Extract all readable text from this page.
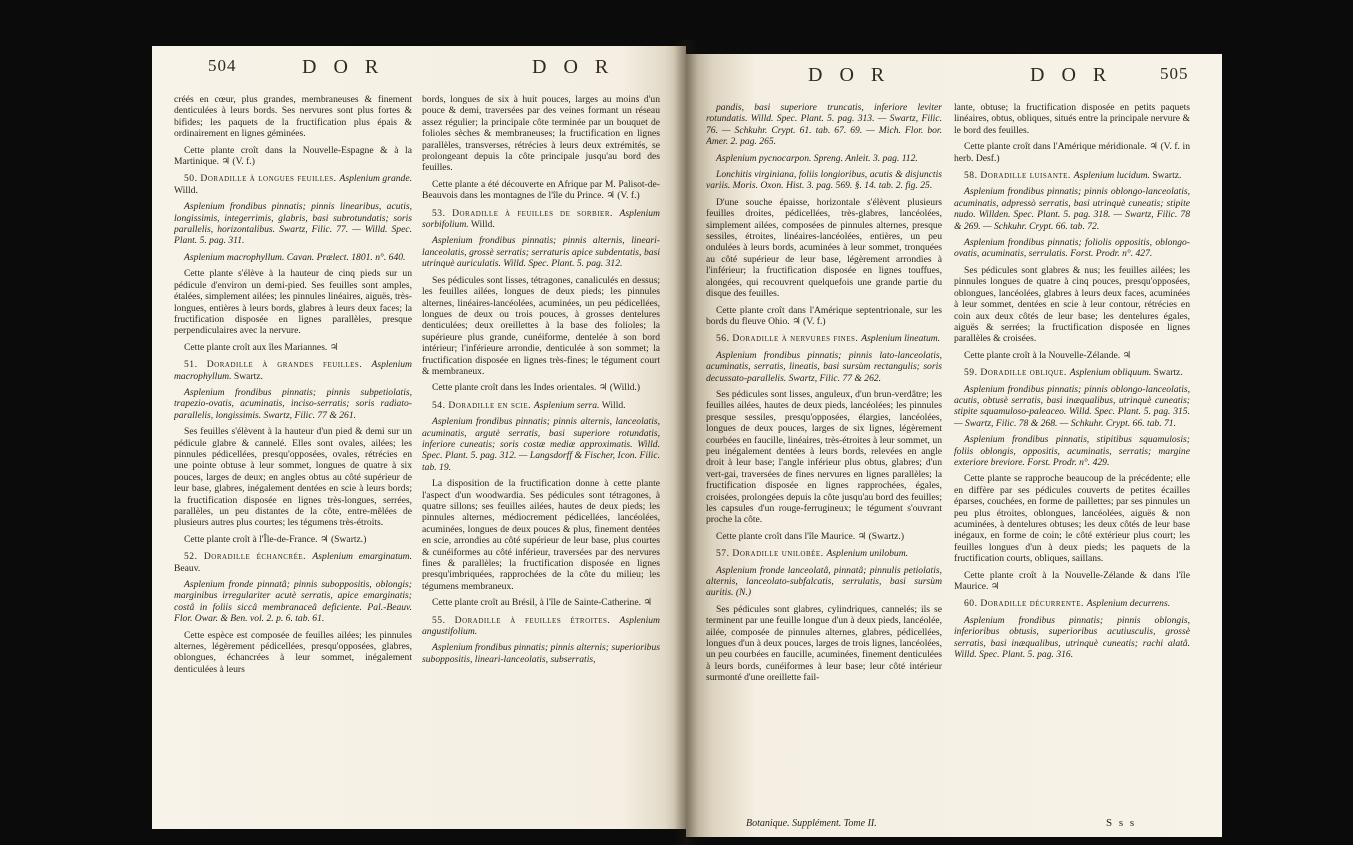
504	D O R	D O R

créés en cœur, plus grandes, membraneuses & finement denticulées à leurs bords. Ses nervures sont plus fortes & bifides; les paquets de la fructification plus épais & ordinairement en lignes géminées.

Cette plante croît dans la Nouvelle-Espagne & à la Martinique. ♃ (V. f.)

50. Doradille à longues feuilles. Asplenium grande. Willd.

Asplenium frondibus pinnatis; pinnis linearibus, acutis, longissimis, integerrimis, glabris, basi subrotundatis; soris parallelis, horizontalibus. Swartz, Filic. 77. — Willd. Spec. Plant. 5. pag. 311.

Asplenium macrophyllum. Cavan. Prælect. 1801. n°. 640.

Cette plante s'élève à la hauteur de cinq pieds sur un pédicule d'environ un demi-pied. Ses feuilles sont amples, étalées, simplement ailées; les pinnules linéaires, aiguës, très-longues, entières à leurs bords, glabres à leurs deux faces; la fructification disposée en lignes parallèles, presque perpendiculaires avec la nervure.

Cette plante croît aux îles Mariannes. ♃

51. Doradille à grandes feuilles. Asplenium macrophyllum. Swartz.

Asplenium frondibus pinnatis; pinnis subpetiolatis, trapezio-ovatis, acuminatis, inciso-serratis; soris radiato-parallelis, longissimis. Swartz, Filic. 77 & 261.

Ses feuilles s'élèvent à la hauteur d'un pied & demi sur un pédicule glabre & cannelé. Elles sont ovales, ailées; les pinnules pédicellées, presqu'opposées, ovales, rétrécies en une pointe obtuse à leur sommet, longues de quatre à six pouces, larges de deux; en angles obtus au côté supérieur de leur base, glabres, inégalement dentées en scie à leurs bords; la fructification disposée en lignes très-longues, serrées, parallèles, un peu distantes de la côte, entre-mêlées de plusieurs autres plus courtes; les tégumens très-étroits.

Cette plante croît à l'Île-de-France. ♃ (Swartz.)

52. Doradille échancrée. Asplenium emarginatum. Beauv.

Asplenium fronde pinnatâ; pinnis suboppositis, oblongis; marginibus irregulariter acutè serratis, apice emarginatis; costâ in foliis siccâ membranaceâ deficiente. Pal.-Beauv. Flor. Owar. & Ben. vol. 2. p. 6. tab. 61.

Cette espèce est composée de feuilles ailées; les pinnules alternes, légèrement pédicellées, presqu'opposées, glabres, oblongues, échancrées à leur sommet, inégalement denticulées à leurs

bords, longues de six à huit pouces, larges au moins d'un pouce & demi, traversées par des veines formant un réseau assez régulier; la principale côte terminée par un bouquet de folioles sèches & membraneuses; la fructification en lignes parallèles, transverses, rétrécies à leurs deux extrémités, se prolongeant depuis la côte principale jusqu'au bord des feuilles.

Cette plante a été découverte en Afrique par M. Palisot-de-Beauvois dans les montagnes de l'île du Prince. ♃ (V. f.)

53. Doradille à feuilles de sorbier. Asplenium sorbifolium. Willd.

Asplenium frondibus pinnatis; pinnis alternis, lineari-lanceolatis, grossè serratis; serraturis apice subdentatis, basi utrinquè auriculatis. Willd. Spec. Plant. 5. pag. 312.

Ses pédicules sont lisses, tétragones, canaliculés en dessus; les feuilles ailées, longues de deux pieds; les pinnules alternes, linéaires-lancéolées, acuminées, un peu pédicellées, longues de deux ou trois pouces, à grosses dentelures denticulées; deux oreillettes à la base des folioles; la supérieure plus grande, cunéiforme, dentelée à son bord intérieur; l'inférieure arrondie, denticulée à son sommet; la fructification disposée en lignes très-fines; le tégument court & membraneux.

Cette plante croît dans les Indes orientales. ♃ (Willd.)

54. Doradille en scie. Asplenium serra. Willd.

Asplenium frondibus pinnatis; pinnis alternis, lanceolatis, acuminatis, argutè serratis, basi superiore rotundatis, inferiore cuneatis; soris costæ mediæ approximatis. Willd. Spec. Plant. 5. pag. 312. — Langsdorff & Fischer, Icon. Filic. tab. 19.

La disposition de la fructification donne à cette plante l'aspect d'un woodwardia. Ses pédicules sont tétragones, à quatre sillons; ses feuilles ailées, hautes de deux pieds; les pinnules alternes, médiocrement pédicellées, lancéolées, acuminées, longues de deux pouces & plus, finement dentées en scie, arrondies au côté supérieur de leur base, plus courtes & cunéiformes au côté inférieur, traversées par des nervures fines & parallèles; la fructification disposée en lignes presqu'imbriquées, rapprochées de la côte du milieu; les tégumens membraneux.

Cette plante croît au Brésil, à l'île de Sainte-Catherine. ♃

55. Doradille à feuilles étroites. Asplenium angustifolium.

Asplenium frondibus pinnatis; pinnis alternis; superioribus suboppositis, lineari-lanceolatis, subserratis,

D O R	D O R	505

pandis, basi superiore truncatis, inferiore leviter rotundatis. Willd. Spec. Plant. 5. pag. 313. — Swartz, Filic. 76. — Schkuhr. Crypt. 61. tab. 67. 69. — Mich. Flor. bor. Amer. 2. pag. 265.

Asplenium pycnocarpon. Spreng. Anleit. 3. pag. 112.

Lonchitis virginiana, foliis longioribus, acutis & disjunctis variis. Moris. Oxon. Hist. 3. pag. 569. §. 14. tab. 2. fig. 25.

D'une souche épaisse, horizontale s'élèvent plusieurs feuilles droites, pédicellées, très-glabres, lancéolées, simplement ailées, composées de pinnules alternes, presque sessiles, étroites, linéaires-lancéolées, entières, un peu ondulées à leurs bords, acuminées à leur sommet, tronquées au côté supérieur de leur base, légèrement arrondies à l'inférieur; la fructification disposée en lignes touffues, alongées, qui recouvrent quelquefois une grande partie du disque des feuilles.

Cette plante croît dans l'Amérique septentrionale, sur les bords du fleuve Ohio. ♃ (V. f.)

56. Doradille à nervures fines. Asplenium lineatum.

Asplenium frondibus pinnatis; pinnis lato-lanceolatis, acuminatis, serratis, lineatis, basi sursùm rectangulis; soris decussato-parallelis. Swartz, Filic. 77 & 262.

Ses pédicules sont lisses, anguleux, d'un brun-verdâtre; les feuilles ailées, hautes de deux pieds, lancéolées; les pinnules presque sessiles, presqu'opposées, élargies, lancéolées, longues de deux pouces, larges de six lignes, légèrement courbées en faucille, linéaires, très-étroites à leur sommet, un peu inégalement dentées à leurs bords, relevées en angle droit à leur base; l'angle inférieur plus obtus, glabres; d'un vert-gai, traversées de fines nervures en lignes parallèles; la fructification disposée en lignes rapprochées, égales, croisées, prolongées depuis la côte jusqu'au bord des feuilles; les capsules d'un rouge-ferrugineux; le tégument s'ouvrant proche la côte.

Cette plante croît dans l'île Maurice. ♃ (Swartz.)

57. Doradille unilobée. Asplenium unilobum.

Asplenium fronde lanceolatâ, pinnatâ; pinnulis petiolatis, alternis, lanceolato-subfalcatis, serrulatis, basi sursùm auritis. (N.)

Ses pédicules sont glabres, cylindriques, cannelés; ils se terminent par une feuille longue d'un à deux pieds, lancéolée, ailée, composée de pinnules alternes, glabres, pédicellées, longues d'un à deux pouces, larges de trois lignes, lancéolées, un peu courbées en faucille, acuminées, finement denticulées à leurs bords, cunéiformes à leur base; leur côté intérieur surmonté d'une oreillette fail-

lante, obtuse; la fructification disposée en petits paquets linéaires, obtus, obliques, situés entre la principale nervure & le bord des feuilles.

Cette plante croît dans l'Amérique méridionale. ♃ (V. f. in herb. Desf.)

58. Doradille luisante. Asplenium lucidum. Swartz.

Asplenium frondibus pinnatis; pinnis oblongo-lanceolatis, acuminatis, adpressò serratis, basi utrinquè cuneatis; stipite nudo. Willden. Spec. Plant. 5. pag. 318. — Swartz, Filic. 78 & 269. — Schkuhr. Crypt. 66. tab. 72.

Asplenium frondibus pinnatis; foliolis oppositis, oblongo-ovatis, acuminatis, serrulatis. Forst. Prodr. n°. 427.

Ses pédicules sont glabres & nus; les feuilles ailées; les pinnules longues de quatre à cinq pouces, presqu'opposées, oblongues, lancéolées, glabres à leurs deux faces, acuminées à leur sommet, dentées en scie à leur contour, rétrécies en coin aux deux côtés de leur base; les dentelures égales, aiguës & serrées; la fructification disposée en lignes parallèles & croisées.

Cette plante croît à la Nouvelle-Zélande. ♃

59. Doradille oblique. Asplenium obliquum. Swartz.

Asplenium frondibus pinnatis; pinnis oblongo-lanceolatis, acutis, obtusè serratis, basi inæqualibus, utrinquè cuneatis; stipite squamuloso-paleaceo. Willd. Spec. Plant. 5. pag. 315. — Swartz, Filic. 78 & 268. — Schkuhr. Crypt. 66. tab. 71.

Asplenium frondibus pinnatis, stipitibus squamulosis; foliis oblongis, oppositis, acuminatis, serratis; margine exteriore breviore. Forst. Prodr. n°. 429.

Cette plante se rapproche beaucoup de la précédente; elle en diffère par ses pédicules couverts de petites écailles éparses, couchées, en forme de paillettes; par ses pinnules un peu plus étroites, oblongues, lancéolées, aiguës & non acuminées, à dentelures obtuses; les deux côtés de leur base inégaux, en forme de coin; le côté extérieur plus court; les feuilles longues d'un à deux pieds; les paquets de la fructification courts, obliques, saillans.

Cette plante croît à la Nouvelle-Zélande & dans l'île Maurice. ♃

60. Doradille décurrente. Asplenium decurrens.

Asplenium frondibus pinnatis; pinnis oblongis, inferioribus obtusis, superioribus acutiusculis, grossè serratis, basi inæqualibus, utrinquè cuneatis; rachi alatâ. Willd. Spec. Plant. 5. pag. 316.

Botanique. Supplément. Tome II.	S s s
